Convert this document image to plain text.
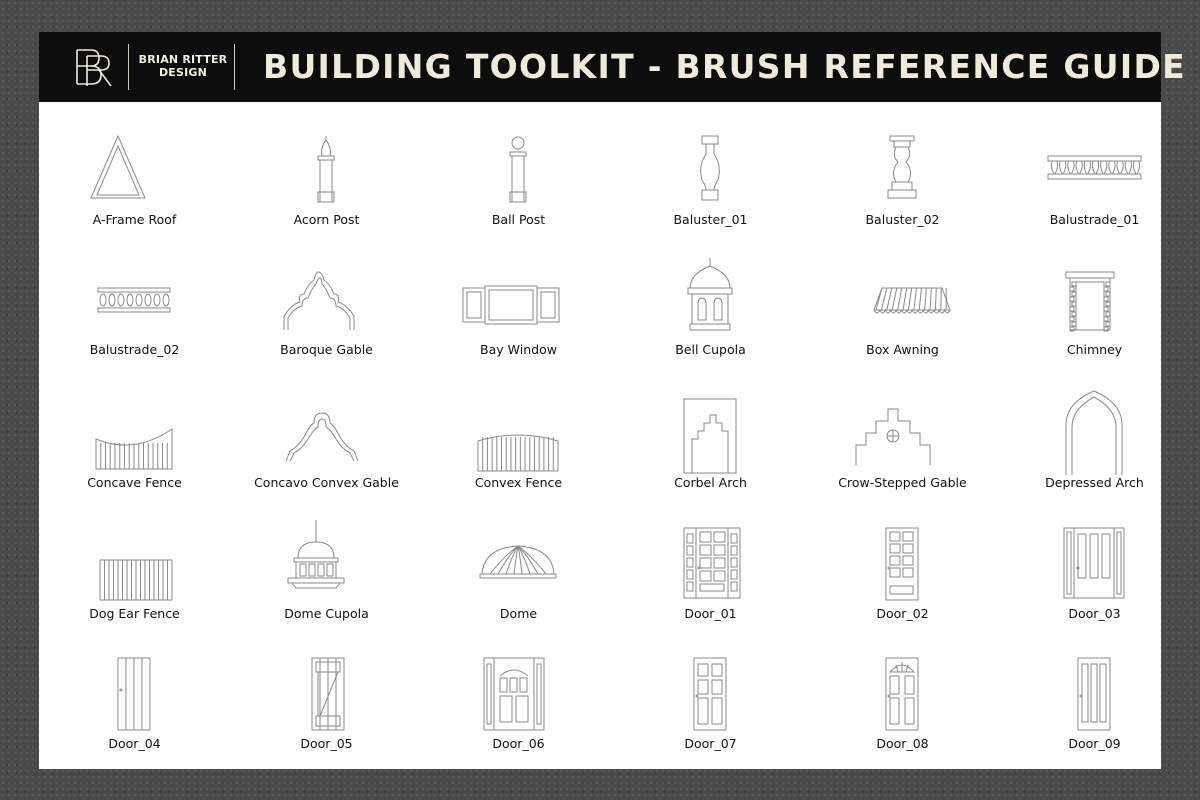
BR
BRIAN RITTER
DESIGN	BUILDING TOOLKIT - BRUSH REFERENCE GUIDE
A-Frame Roof	Acorn Post	Ball Post	Baluster_01	Baluster_02	Balustrade_01
Balustrade_02	Baroque Gable	Bay Window	Bell Cupola	Box Awning	Chimney
Concave Fence	Concavo Convex Gable	Convex Fence	Corbel Arch	Crow-Stepped Gable	Depressed Arch
Dog Ear Fence	Dome Cupola	Dome	Door_01	Door_02	Door_03
Door_04	Door_05	Door_06	Door_07	Door_08	Door_09
